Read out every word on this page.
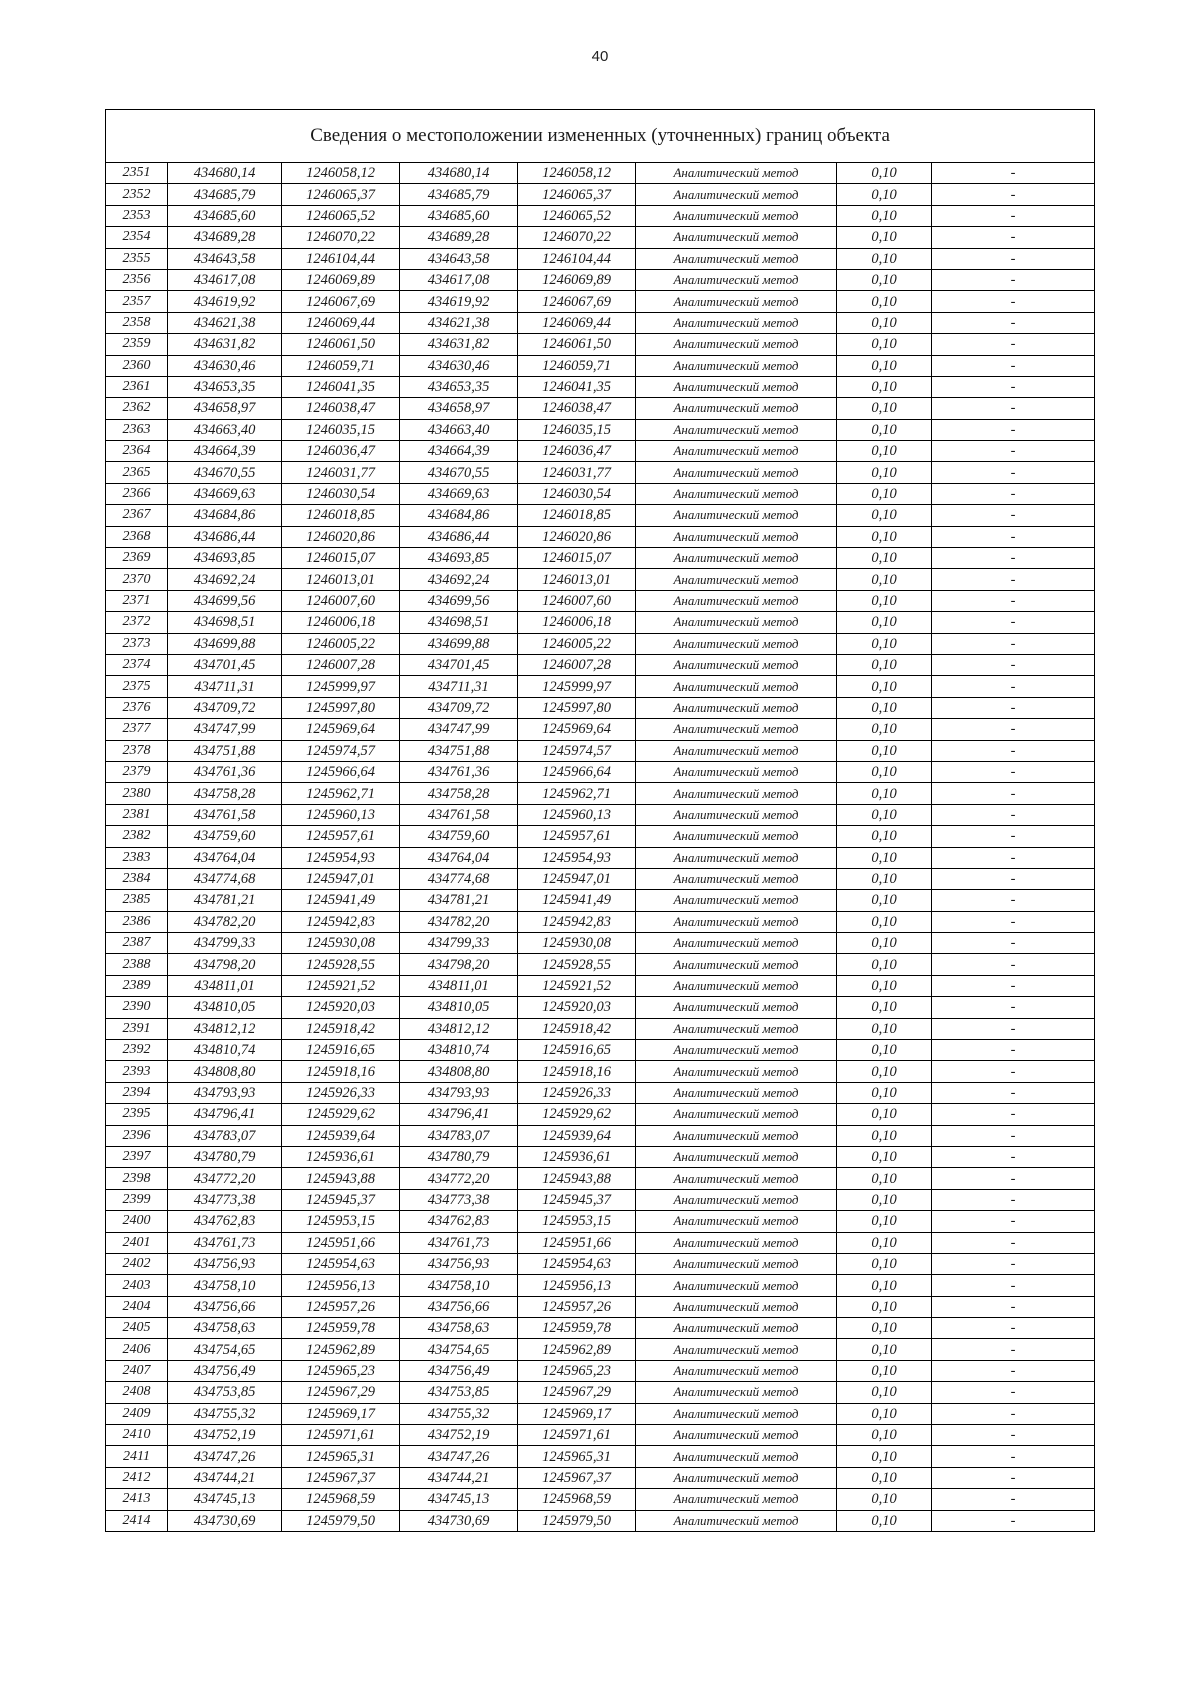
40
Сведения о местоположении измененных (уточненных) границ объекта							
2351	434680,14	1246058,12	434680,14	1246058,12	Аналитический метод	0,10	-
2352	434685,79	1246065,37	434685,79	1246065,37	Аналитический метод	0,10	-
2353	434685,60	1246065,52	434685,60	1246065,52	Аналитический метод	0,10	-
2354	434689,28	1246070,22	434689,28	1246070,22	Аналитический метод	0,10	-
2355	434643,58	1246104,44	434643,58	1246104,44	Аналитический метод	0,10	-
2356	434617,08	1246069,89	434617,08	1246069,89	Аналитический метод	0,10	-
2357	434619,92	1246067,69	434619,92	1246067,69	Аналитический метод	0,10	-
2358	434621,38	1246069,44	434621,38	1246069,44	Аналитический метод	0,10	-
2359	434631,82	1246061,50	434631,82	1246061,50	Аналитический метод	0,10	-
2360	434630,46	1246059,71	434630,46	1246059,71	Аналитический метод	0,10	-
2361	434653,35	1246041,35	434653,35	1246041,35	Аналитический метод	0,10	-
2362	434658,97	1246038,47	434658,97	1246038,47	Аналитический метод	0,10	-
2363	434663,40	1246035,15	434663,40	1246035,15	Аналитический метод	0,10	-
2364	434664,39	1246036,47	434664,39	1246036,47	Аналитический метод	0,10	-
2365	434670,55	1246031,77	434670,55	1246031,77	Аналитический метод	0,10	-
2366	434669,63	1246030,54	434669,63	1246030,54	Аналитический метод	0,10	-
2367	434684,86	1246018,85	434684,86	1246018,85	Аналитический метод	0,10	-
2368	434686,44	1246020,86	434686,44	1246020,86	Аналитический метод	0,10	-
2369	434693,85	1246015,07	434693,85	1246015,07	Аналитический метод	0,10	-
2370	434692,24	1246013,01	434692,24	1246013,01	Аналитический метод	0,10	-
2371	434699,56	1246007,60	434699,56	1246007,60	Аналитический метод	0,10	-
2372	434698,51	1246006,18	434698,51	1246006,18	Аналитический метод	0,10	-
2373	434699,88	1246005,22	434699,88	1246005,22	Аналитический метод	0,10	-
2374	434701,45	1246007,28	434701,45	1246007,28	Аналитический метод	0,10	-
2375	434711,31	1245999,97	434711,31	1245999,97	Аналитический метод	0,10	-
2376	434709,72	1245997,80	434709,72	1245997,80	Аналитический метод	0,10	-
2377	434747,99	1245969,64	434747,99	1245969,64	Аналитический метод	0,10	-
2378	434751,88	1245974,57	434751,88	1245974,57	Аналитический метод	0,10	-
2379	434761,36	1245966,64	434761,36	1245966,64	Аналитический метод	0,10	-
2380	434758,28	1245962,71	434758,28	1245962,71	Аналитический метод	0,10	-
2381	434761,58	1245960,13	434761,58	1245960,13	Аналитический метод	0,10	-
2382	434759,60	1245957,61	434759,60	1245957,61	Аналитический метод	0,10	-
2383	434764,04	1245954,93	434764,04	1245954,93	Аналитический метод	0,10	-
2384	434774,68	1245947,01	434774,68	1245947,01	Аналитический метод	0,10	-
2385	434781,21	1245941,49	434781,21	1245941,49	Аналитический метод	0,10	-
2386	434782,20	1245942,83	434782,20	1245942,83	Аналитический метод	0,10	-
2387	434799,33	1245930,08	434799,33	1245930,08	Аналитический метод	0,10	-
2388	434798,20	1245928,55	434798,20	1245928,55	Аналитический метод	0,10	-
2389	434811,01	1245921,52	434811,01	1245921,52	Аналитический метод	0,10	-
2390	434810,05	1245920,03	434810,05	1245920,03	Аналитический метод	0,10	-
2391	434812,12	1245918,42	434812,12	1245918,42	Аналитический метод	0,10	-
2392	434810,74	1245916,65	434810,74	1245916,65	Аналитический метод	0,10	-
2393	434808,80	1245918,16	434808,80	1245918,16	Аналитический метод	0,10	-
2394	434793,93	1245926,33	434793,93	1245926,33	Аналитический метод	0,10	-
2395	434796,41	1245929,62	434796,41	1245929,62	Аналитический метод	0,10	-
2396	434783,07	1245939,64	434783,07	1245939,64	Аналитический метод	0,10	-
2397	434780,79	1245936,61	434780,79	1245936,61	Аналитический метод	0,10	-
2398	434772,20	1245943,88	434772,20	1245943,88	Аналитический метод	0,10	-
2399	434773,38	1245945,37	434773,38	1245945,37	Аналитический метод	0,10	-
2400	434762,83	1245953,15	434762,83	1245953,15	Аналитический метод	0,10	-
2401	434761,73	1245951,66	434761,73	1245951,66	Аналитический метод	0,10	-
2402	434756,93	1245954,63	434756,93	1245954,63	Аналитический метод	0,10	-
2403	434758,10	1245956,13	434758,10	1245956,13	Аналитический метод	0,10	-
2404	434756,66	1245957,26	434756,66	1245957,26	Аналитический метод	0,10	-
2405	434758,63	1245959,78	434758,63	1245959,78	Аналитический метод	0,10	-
2406	434754,65	1245962,89	434754,65	1245962,89	Аналитический метод	0,10	-
2407	434756,49	1245965,23	434756,49	1245965,23	Аналитический метод	0,10	-
2408	434753,85	1245967,29	434753,85	1245967,29	Аналитический метод	0,10	-
2409	434755,32	1245969,17	434755,32	1245969,17	Аналитический метод	0,10	-
2410	434752,19	1245971,61	434752,19	1245971,61	Аналитический метод	0,10	-
2411	434747,26	1245965,31	434747,26	1245965,31	Аналитический метод	0,10	-
2412	434744,21	1245967,37	434744,21	1245967,37	Аналитический метод	0,10	-
2413	434745,13	1245968,59	434745,13	1245968,59	Аналитический метод	0,10	-
2414	434730,69	1245979,50	434730,69	1245979,50	Аналитический метод	0,10	-
